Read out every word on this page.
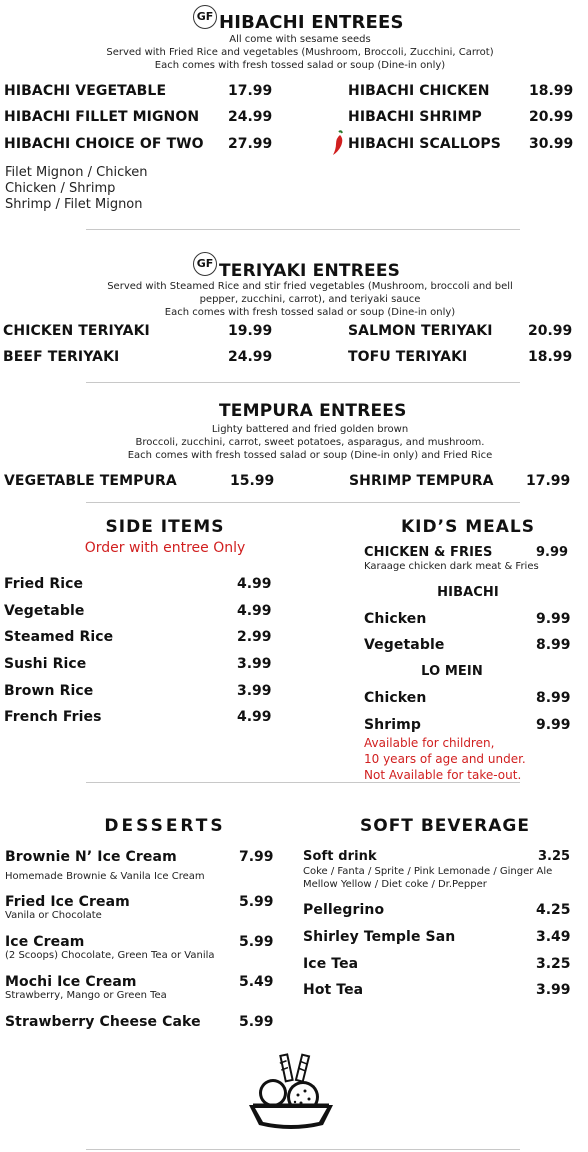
GF HIBACHI ENTREES
All come with sesame seeds
Served with Fried Rice and vegetables (Mushroom, Broccoli, Zucchini, Carrot)
Each comes with fresh tossed salad or soup (Dine-in only)
HIBACHI VEGETABLE	17.99
HIBACHI FILLET MIGNON 24.99
HIBACHI CHOICE OF TWO 27.99
HIBACHI CHICKEN	18.99
HIBACHI SHRIMP	20.99
HIBACHI SCALLOPS 30.99
Filet Mignon / Chicken
Chicken / Shrimp
Shrimp / Filet Mignon
GF TERIYAKI ENTREES
Served with Steamed Rice and stir fried vegetables (Mushroom, broccoli and bell
pepper, zucchini, carrot), and teriyaki sauce
Each comes with fresh tossed salad or soup (Dine-in only)
CHICKEN TERIYAKI	19.99
BEEF TERIYAKI	24.99
SALMON TERIYAKI	20.99
TOFU TERIYAKI	18.99
TEMPURA ENTREES
Lighty battered and fried golden brown
Broccoli, zucchini, carrot, sweet potatoes, asparagus, and mushroom.
Each comes with fresh tossed salad or soup (Dine-in only) and Fried Rice
VEGETABLE TEMPURA	15.99	SHRIMP TEMPURA 17.99
SIDE ITEMS
Order with entree Only
Fried Rice	4.99
Vegetable	4.99
Steamed Rice	2.99
Sushi Rice	3.99
Brown Rice	3.99
French Fries	4.99
KID’S MEALS
CHICKEN & FRIES	9.99
Karaage chicken dark meat & Fries
HIBACHI
Chicken	9.99
Vegetable	8.99
LO MEIN
Chicken	8.99
Shrimp	9.99
Available for children,
10 years of age and under.
Not Available for take-out.
DESSERTS
Brownie N’ Ice Cream	7.99
Homemade Brownie & Vanila Ice Cream
Fried Ice Cream	5.99
Vanila or Chocolate
Ice Cream	5.99
(2 Scoops) Chocolate, Green Tea or Vanila
Mochi Ice Cream	5.49
Strawberry, Mango or Green Tea
Strawberry Cheese Cake	5.99
SOFT BEVERAGE
Soft drink	3.25
Coke / Fanta / Sprite / Pink Lemonade / Ginger Ale
Mellow Yellow / Diet coke / Dr.Pepper
Pellegrino	4.25
Shirley Temple San	3.49
Ice Tea	3.25
Hot Tea	3.99
